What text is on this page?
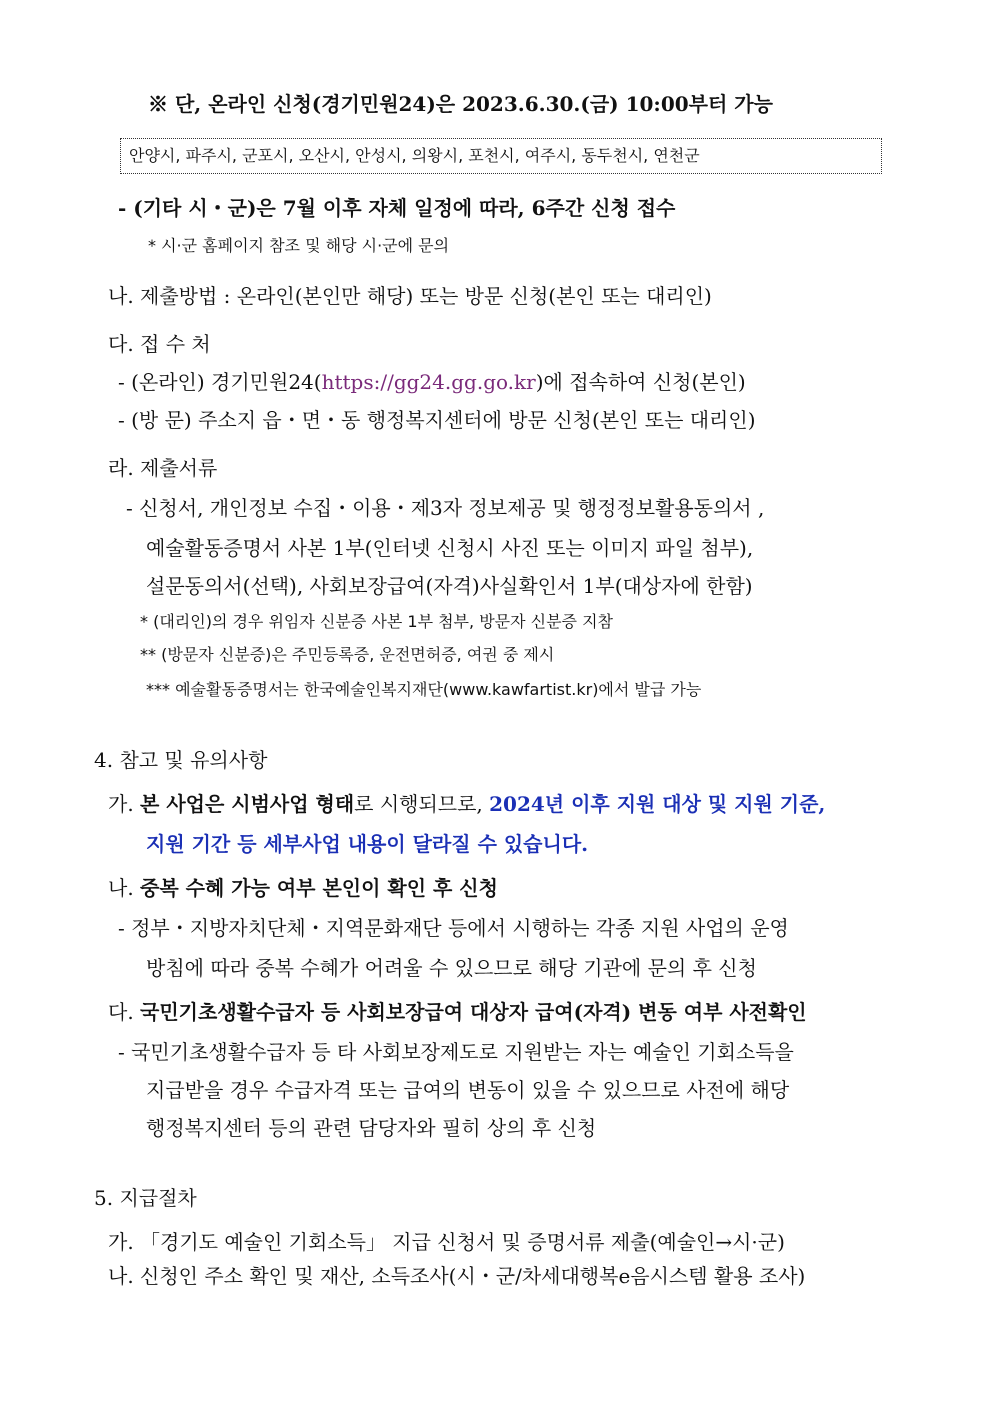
※ 단, 온라인 신청(경기민원24)은 2023.6.30.(금) 10:00부터 가능
안양시, 파주시, 군포시, 오산시, 안성시, 의왕시, 포천시, 여주시, 동두천시, 연천군
- (기타 시・군)은 7월 이후 자체 일정에 따라, 6주간 신청 접수
* 시·군 홈페이지 참조 및 해당 시·군에 문의
나. 제출방법 : 온라인(본인만 해당) 또는 방문 신청(본인 또는 대리인)
다. 접 수 처
- (온라인) 경기민원24(https://gg24.gg.go.kr)에 접속하여 신청(본인)
- (방 문) 주소지 읍・면・동 행정복지센터에 방문 신청(본인 또는 대리인)
라. 제출서류
- 신청서, 개인정보 수집・이용・제3자 정보제공 및 행정정보활용동의서 ,
예술활동증명서 사본 1부(인터넷 신청시 사진 또는 이미지 파일 첨부),
설문동의서(선택), 사회보장급여(자격)사실확인서 1부(대상자에 한함)
* (대리인)의 경우 위임자 신분증 사본 1부 첨부, 방문자 신분증 지참
** (방문자 신분증)은 주민등록증, 운전면허증, 여권 중 제시
*** 예술활동증명서는 한국예술인복지재단(www.kawfartist.kr)에서 발급 가능
4. 참고 및 유의사항
가. 본 사업은 시범사업 형태로 시행되므로, 2024년 이후 지원 대상 및 지원 기준,
지원 기간 등 세부사업 내용이 달라질 수 있습니다.
나. 중복 수혜 가능 여부 본인이 확인 후 신청
- 정부・지방자치단체・지역문화재단 등에서 시행하는 각종 지원 사업의 운영
방침에 따라 중복 수혜가 어려울 수 있으므로 해당 기관에 문의 후 신청
다. 국민기초생활수급자 등 사회보장급여 대상자 급여(자격) 변동 여부 사전확인
- 국민기초생활수급자 등 타 사회보장제도로 지원받는 자는 예술인 기회소득을
지급받을 경우 수급자격 또는 급여의 변동이 있을 수 있으므로 사전에 해당
행정복지센터 등의 관련 담당자와 필히 상의 후 신청
5. 지급절차
가. 「경기도 예술인 기회소득」 지급 신청서 및 증명서류 제출(예술인→시·군)
나. 신청인 주소 확인 및 재산, 소득조사(시・군/차세대행복e음시스템 활용 조사)
